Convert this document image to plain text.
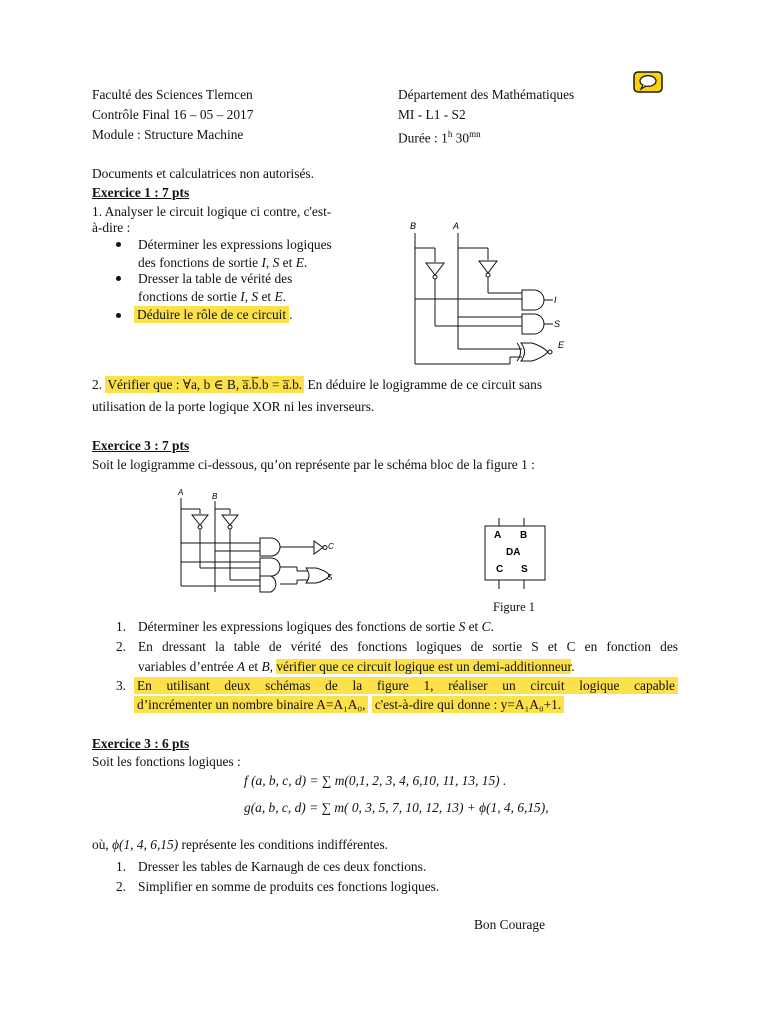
Faculté des Sciences Tlemcen
Contrôle Final 16 – 05 – 2017
Module : Structure Machine
Département des Mathématiques
MI - L1 - S2
Durée : 1$^h$ $30^{mn}$
Documents et calculatrices non autorisés.
Exercice 1 : 7 pts
1. Analyser le circuit logique ci contre, c'est-
à-dire :
Déterminer les expressions logiques
des fonctions de sortie I, S et E.
Dresser la table de vérité des
fonctions de sortie I, S et E.
Déduire le rôle de ce circuit .
B	A
I
S
E
2. Vérifier que : ∀a, b ∈ B, a̅.b̅.b = a̅.b. En déduire le logigramme de ce circuit sans
utilisation de la porte logique XOR ni les inverseurs.
Exercice 3 : 7 pts
Soit le logigramme ci-dessous, qu’on représente par le schéma bloc de la figure 1 :
A	B
C
S
A B
DA
C S
Figure 1
1. Déterminer les expressions logiques des fonctions de sortie S et C.
2. En dressant la table de vérité des fonctions logiques de sortie S et C en fonction des
variables d’entrée A et B, vérifier que ce circuit logique est un demi-additionneur.
3. En utilisant deux schémas de la figure 1, réaliser un circuit logique capable
d’incrémenter un nombre binaire A=A₁A₀, c'est-à-dire qui donne : y=A₁A₀+1.
Exercice 3 : 6 pts
Soit les fonctions logiques :
f (a, b, c, d) = ∑ m(0,1, 2, 3, 4, 6,10, 11, 13, 15) .
g(a, b, c, d) = ∑ m( 0, 3, 5, 7, 10, 12, 13) + ϕ(1, 4, 6,15),
où, ϕ(1, 4, 6,15) représente les conditions indifférentes.
1. Dresser les tables de Karnaugh de ces deux fonctions.
2. Simplifier en somme de produits ces fonctions logiques.
Bon Courage
